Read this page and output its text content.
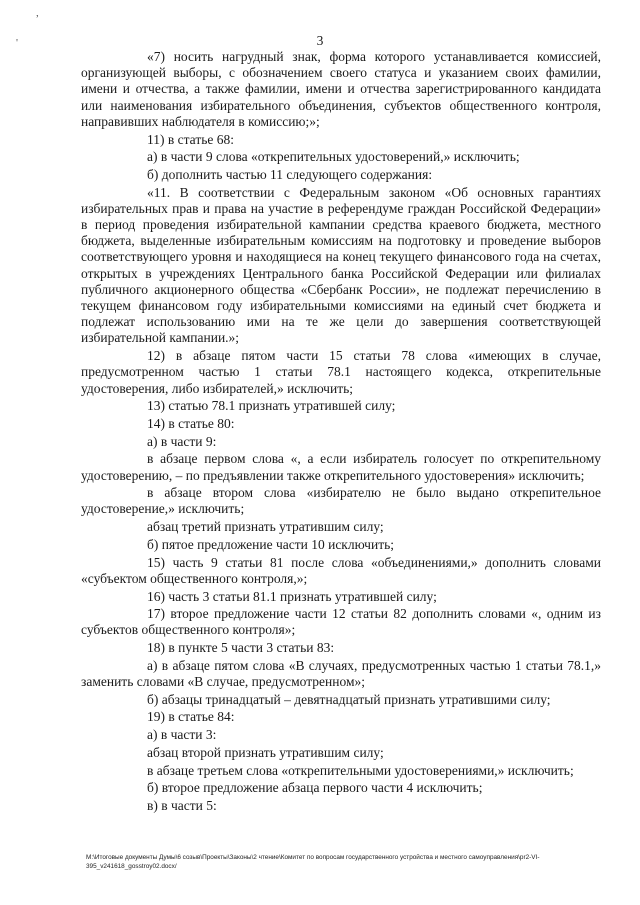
,
'	3

«7) носить нагрудный знак, форма которого устанавливается комиссией, организующей выборы, с обозначением своего статуса и указанием своих фамилии, имени и отчества, а также фамилии, имени и отчества зарегистрированного кандидата или наименования избирательного объединения, субъектов общественного контроля, направивших наблюдателя в комиссию;»;

11) в статье 68:

а) в части 9 слова «открепительных удостоверений,» исключить;

б) дополнить частью 11 следующего содержания:

«11. В соответствии с Федеральным законом «Об основных гарантиях избирательных прав и права на участие в референдуме граждан Российской Федерации» в период проведения избирательной кампании средства краевого бюджета, местного бюджета, выделенные избирательным комиссиям на подготовку и проведение выборов соответствующего уровня и находящиеся на конец текущего финансового года на счетах, открытых в учреждениях Центрального банка Российской Федерации или филиалах публичного акционерного общества «Сбербанк России», не подлежат перечислению в текущем финансовом году избирательными комиссиями на единый счет бюджета и подлежат использованию ими на те же цели до завершения соответствующей избирательной кампании.»;

12) в абзаце пятом части 15 статьи 78 слова «имеющих в случае, предусмотренном частью 1 статьи 78.1 настоящего кодекса, открепительные удостоверения, либо избирателей,» исключить;

13) статью 78.1 признать утратившей силу;

14) в статье 80:

а) в части 9:

в абзаце первом слова «, а если избиратель голосует по открепительному удостоверению, – по предъявлении также открепительного удостоверения» исключить;

в абзаце втором слова «избирателю не было выдано открепительное удостоверение,» исключить;

абзац третий признать утратившим силу;

б) пятое предложение части 10 исключить;

15) часть 9 статьи 81 после слова «объединениями,» дополнить словами «субъектом общественного контроля,»;

16) часть 3 статьи 81.1 признать утратившей силу;

17) второе предложение части 12 статьи 82 дополнить словами «, одним из субъектов общественного контроля»;

18) в пункте 5 части 3 статьи 83:

а) в абзаце пятом слова «В случаях, предусмотренных частью 1 статьи 78.1,» заменить словами «В случае, предусмотренном»;

б) абзацы тринадцатый – девятнадцатый признать утратившими силу;

19) в статье 84:

а) в части 3:

абзац второй признать утратившим силу;

в абзаце третьем слова «открепительными удостоверениями,» исключить;

б) второе предложение абзаца первого части 4 исключить;

в) в части 5:

M:\Итоговые документы Думы\6 созыв\Проекты\Законы\2 чтение\Комитет по вопросам государственного устройства и местного самоуправления\pr2-VI-
395_v241618_gosstroy02.docx/
